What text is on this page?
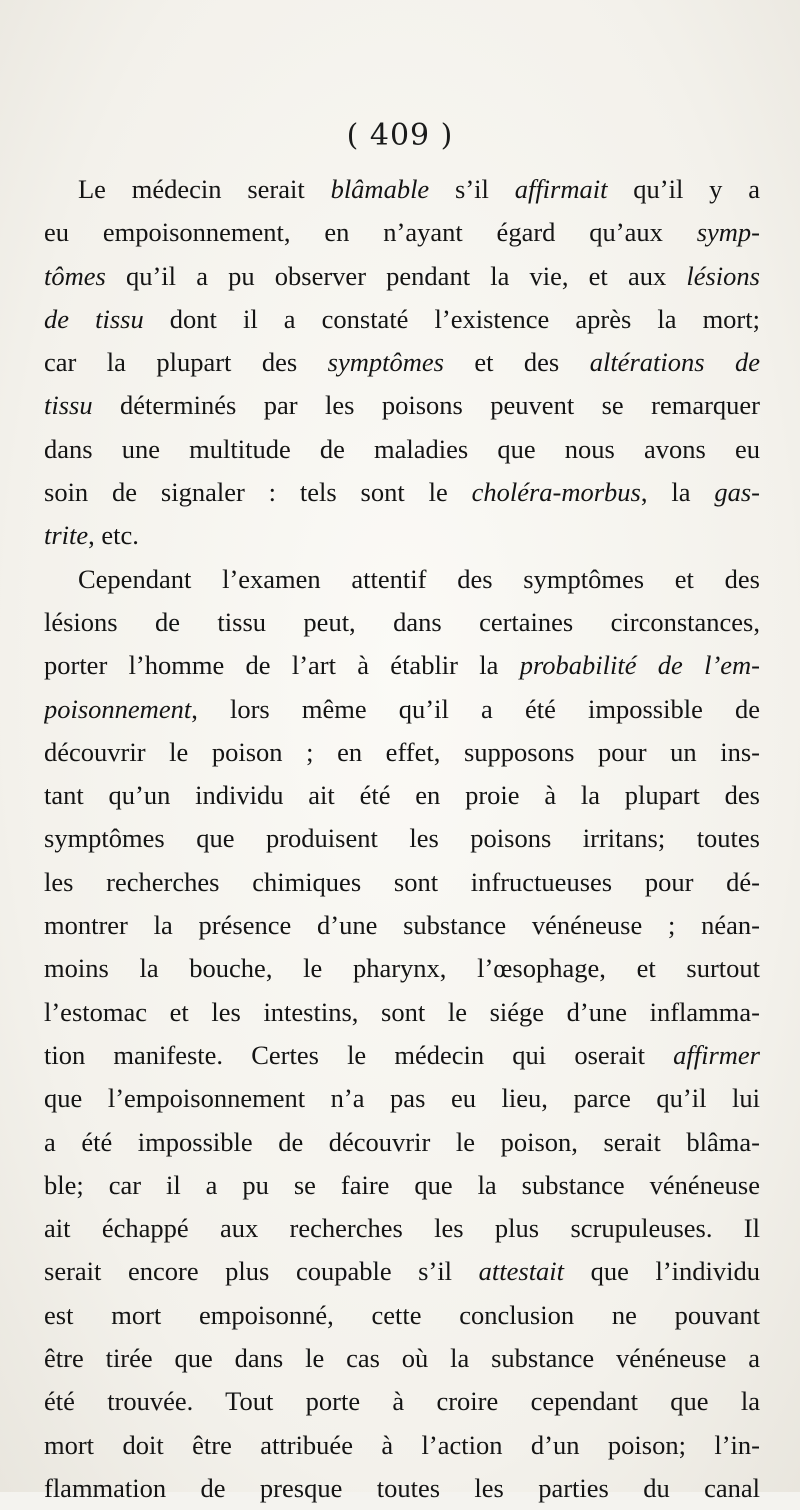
( 409 )
Le médecin serait blâmable s’il affirmait qu’il y a
eu empoisonnement, en n’ayant égard qu’aux symp-
tômes qu’il a pu observer pendant la vie, et aux lésions
de tissu dont il a constaté l’existence après la mort;
car la plupart des symptômes et des altérations de
tissu déterminés par les poisons peuvent se remarquer
dans une multitude de maladies que nous avons eu
soin de signaler : tels sont le choléra-morbus, la gas-
trite, etc.
Cependant l’examen attentif des symptômes et des
lésions de tissu peut, dans certaines circonstances,
porter l’homme de l’art à établir la probabilité de l’em-
poisonnement, lors même qu’il a été impossible de
découvrir le poison ; en effet, supposons pour un ins-
tant qu’un individu ait été en proie à la plupart des
symptômes que produisent les poisons irritans; toutes
les recherches chimiques sont infructueuses pour dé-
montrer la présence d’une substance vénéneuse ; néan-
moins la bouche, le pharynx, l’œsophage, et surtout
l’estomac et les intestins, sont le siége d’une inflamma-
tion manifeste. Certes le médecin qui oserait affirmer
que l’empoisonnement n’a pas eu lieu, parce qu’il lui
a été impossible de découvrir le poison, serait blâma-
ble; car il a pu se faire que la substance vénéneuse
ait échappé aux recherches les plus scrupuleuses. Il
serait encore plus coupable s’il attestait que l’individu
est mort empoisonné, cette conclusion ne pouvant
être tirée que dans le cas où la substance vénéneuse a
été trouvée. Tout porte à croire cependant que la
mort doit être attribuée à l’action d’un poison; l’in-
flammation de presque toutes les parties du canal
